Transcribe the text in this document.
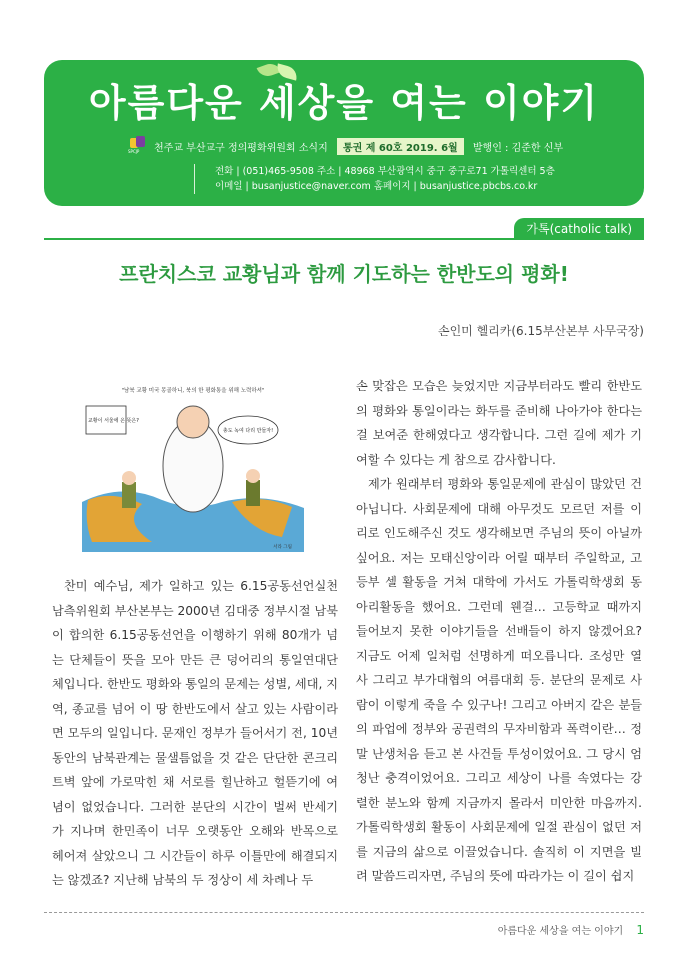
아름다운 세상을 여는 이야기
SPCJP 천주교 부산교구 정의평화위원회 소식지 통권 제 60호 2019. 6월 발행인 : 김준한 신부
전화 | (051)465-9508 주소 | 48968 부산광역시 중구 중구로71 가톨릭센터 5층
이메일 | busanjustice@naver.com 홈페이지 | busanjustice.pbcbs.co.kr
가톡(catholic talk)
프란치스코 교황님과 함께 기도하는 한반도의 평화!
손인미 헬리카(6.15부산본부 사무국장)
"남북 교황 미국 몽골하니, 북의 한 평화통을 위해 노력하셔"
교황이 서울에 온 뜻은?
총도 녹여 다리 만들자!
서라 그림

찬미 예수님, 제가 일하고 있는 6.15공동선언실천 남측위원회 부산본부는 2000년 김대중 정부시절 남북이 합의한 6.15공동선언을 이행하기 위해 80개가 넘는 단체들이 뜻을 모아 만든 큰 덩어리의 통일연대단체입니다. 한반도 평화와 통일의 문제는 성별, 세대, 지역, 종교를 넘어 이 땅 한반도에서 살고 있는 사람이라면 모두의 일입니다. 문재인 정부가 들어서기 전, 10년 동안의 남북관계는 물샐틈없을 것 같은 단단한 콘크리트벽 앞에 가로막힌 채 서로를 힐난하고 헐뜯기에 여념이 없었습니다. 그러한 분단의 시간이 벌써 반세기가 지나며 한민족이 너무 오랫동안 오해와 반목으로 헤어져 살았으니 그 시간들이 하루 이틀만에 해결되지는 않겠죠? 지난해 남북의 두 정상이 세 차례나 두

손 맞잡은 모습은 늦었지만 지금부터라도 빨리 한반도의 평화와 통일이라는 화두를 준비해 나아가야 한다는 걸 보여준 한해였다고 생각합니다. 그런 길에 제가 기여할 수 있다는 게 참으로 감사합니다.

제가 원래부터 평화와 통일문제에 관심이 많았던 건 아닙니다. 사회문제에 대해 아무것도 모르던 저를 이리로 인도해주신 것도 생각해보면 주님의 뜻이 아닐까 싶어요. 저는 모태신앙이라 어릴 때부터 주일학교, 고등부 셀 활동을 거쳐 대학에 가서도 가톨릭학생회 동아리활동을 했어요. 그런데 웬걸… 고등학교 때까지 들어보지 못한 이야기들을 선배들이 하지 않겠어요? 지금도 어제 일처럼 선명하게 떠오릅니다. 조성만 열사 그리고 부가대협의 여름대회 등. 분단의 문제로 사람이 이렇게 죽을 수 있구나! 그리고 아버지 같은 분들의 파업에 정부와 공권력의 무자비함과 폭력이란… 정말 난생처음 듣고 본 사건들 투성이었어요. 그 당시 엄청난 충격이었어요. 그리고 세상이 나를 속였다는 강렬한 분노와 함께 지금까지 몰라서 미안한 마음까지. 가톨릭학생회 활동이 사회문제에 일절 관심이 없던 저를 지금의 삶으로 이끌었습니다. 솔직히 이 지면을 빌려 말씀드리자면, 주님의 뜻에 따라가는 이 길이 쉽지

아름다운 세상을 여는 이야기 1
